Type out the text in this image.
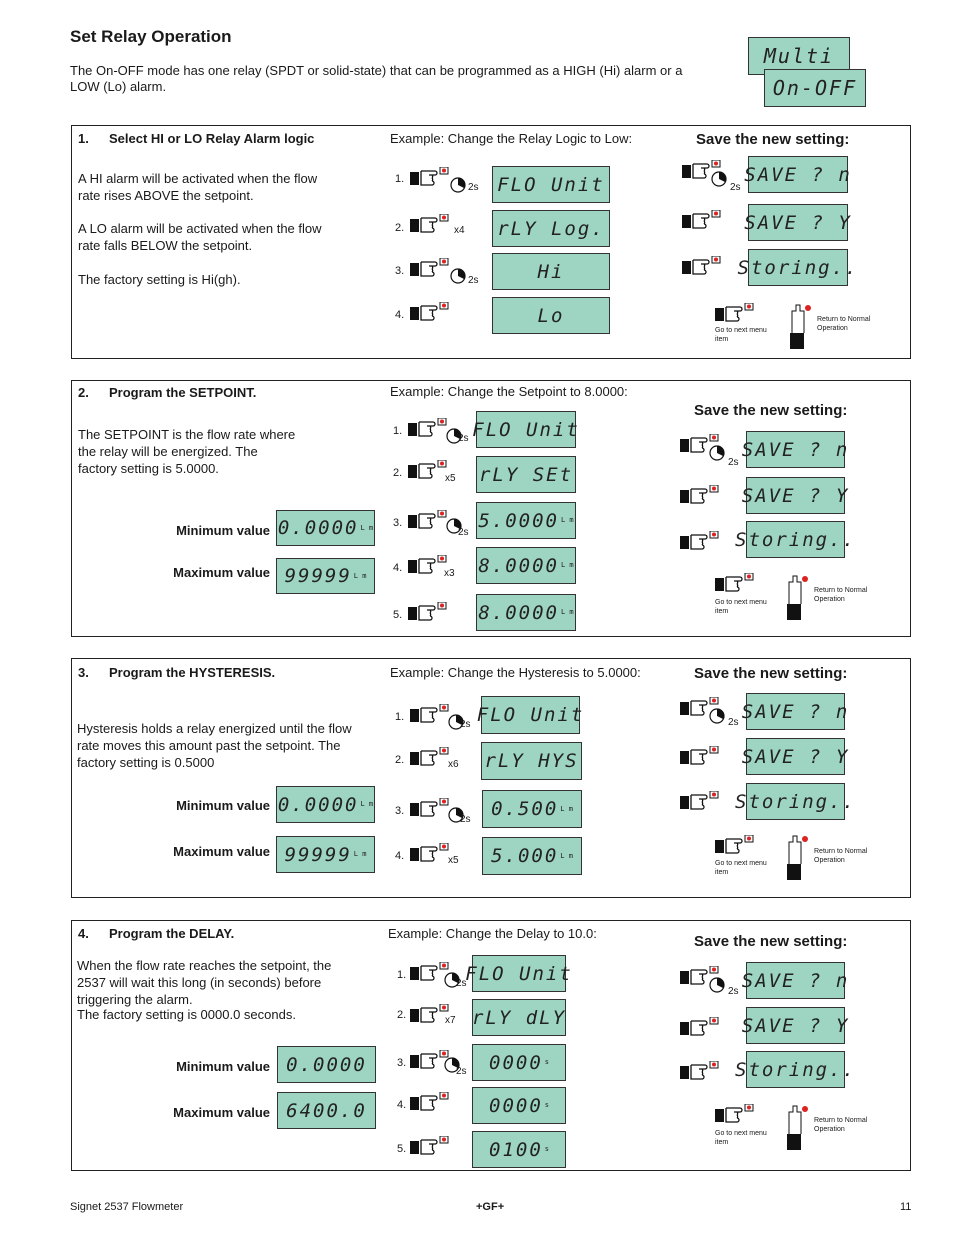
Set Relay Operation

The On-OFF mode has one relay (SPDT or solid-state) that can be programmed as a HIGH (Hi) alarm or a LOW (Lo) alarm.

Multi
On-OFF
1. Select HI or LO Relay Alarm logic

A HI alarm will be activated when the flow rate rises ABOVE the setpoint.

A LO alarm will be activated when the flow rate falls BELOW the setpoint.

The factory setting is Hi(gh).

Example: Change the Relay Logic to Low:
1.
2s FLO Unit
2.	x4 rLY Log.
3.
2s	Hi
4.	Lo
Save the new setting:
2s
SAVE ? n
SAVE ? Y
Storing..
Go to next menu item
Return to Normal Operation
2. Program the SETPOINT.

The SETPOINT is the flow rate where the relay will be energized. The factory setting is 5.0000.

Minimum value 0.0000 L m
Maximum value 99999 L m
Example: Change the Setpoint to 8.0000:
1.
2s FLO Unit
2.	x5 rLY SEt
3.
2s
5.0000 L m
4.	x3 8.0000 L m
5.	8.0000 L m
Save the new setting:
2s
SAVE ? n
SAVE ? Y
Storing..
Go to next menu item
Return to Normal Operation
3. Program the HYSTERESIS.

Hysteresis holds a relay energized until the flow rate moves this amount past the setpoint. The factory setting is 0.5000

Minimum value 0.0000 L m
Maximum value 99999 L m
Example: Change the Hysteresis to 5.0000:
1.
2s FLO Unit
2.	x6 rLY HYS
3.
2s 0.500 L m
4.	x5 5.000 L m
Save the new setting:
2s SAVE ? n
SAVE ? Y
Storing..
Go to next menu item
Return to Normal Operation
4. Program the DELAY.

When the flow rate reaches the setpoint, the 2537 will wait this long (in seconds) before triggering the alarm.

The factory setting is 0000.0 seconds.

Minimum value 0.0000
Maximum value 6400.0
Example: Change the Delay to 10.0:
1.
2s
FLO Unit
2.	x7 rLY dLY
3.
2s 0000 s
4.	0000 s
5.	0100 s
Save the new setting:
2s SAVE ? n
SAVE ? Y
Storing..
Go to next menu item
Return to Normal Operation
Signet 2537 Flowmeter	+GF+	11
